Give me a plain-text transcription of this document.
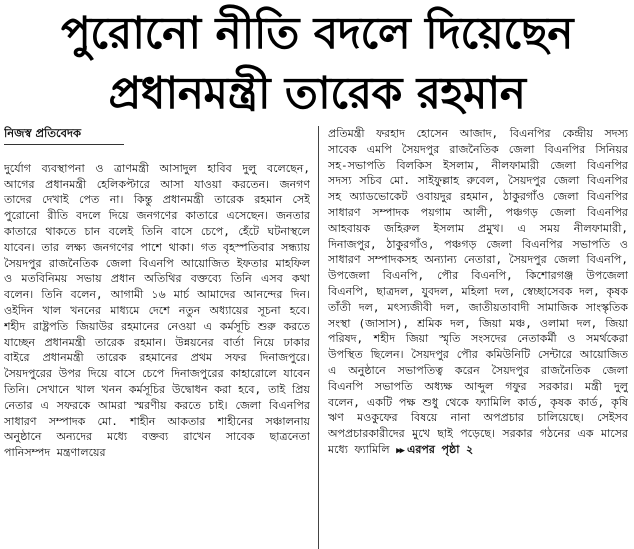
পুরোনো নীতি বদলে দিয়েছেন
প্রধানমন্ত্রী তারেক রহমান
নিজস্ব প্রতিবেদক
দুর্যোগ ব্যবস্থাপনা ও ত্রাণমন্ত্রী আসাদুল হাবিব দুলু বলেছেন, আগের প্রধানমন্ত্রী হেলিকপ্টারে আসা যাওয়া করতেন। জনগণ তাদের দেখাই পেত না। কিন্তু প্রধানমন্ত্রী তারেক রহমান সেই পুরোনো রীতি বদলে দিয়ে জনগণের কাতারে এসেছেন। জনতার কাতারে থাকতে চান বলেই তিনি বাসে চেপে, হেঁটে ঘটনাস্থলে যাবেন। তার লক্ষ্য জনগণের পাশে থাকা। গত বৃহস্পতিবার সন্ধ্যায় সৈয়দপুর রাজনৈতিক জেলা বিএনপি আয়োজিত ইফতার মাহফিল ও মতবিনিময় সভায় প্রধান অতিথির বক্তব্যে তিনি এসব কথা বলেন। তিনি বলেন, আগামী ১৬ মার্চ আমাদের আনন্দের দিন। ওইদিন খাল খননের মাধ্যমে দেশে নতুন অধ্যায়ের সূচনা হবে। শহীদ রাষ্ট্রপতি জিয়াউর রহমানের নেওয়া এ কর্মসূচি শুরু করতে যাচ্ছেন প্রধানমন্ত্রী তারেক রহমান। উন্নয়নের বার্তা নিয়ে ঢাকার বাইরে প্রধানমন্ত্রী তারেক রহমানের প্রথম সফর দিনাজপুরে। সৈয়দপুরের উপর দিয়ে বাসে চেপে দিনাজপুরের কাহারোলে যাবেন তিনি। সেখানে খাল খনন কর্মসূচির উদ্বোধন করা হবে, তাই প্রিয় নেতার এ সফরকে আমরা স্মরণীয় করতে চাই। জেলা বিএনপির সাধারণ সম্পাদক মো. শাহীন আকতার শাহীনের সঞ্চালনায় অনুষ্ঠানে অন্যদের মধ্যে বক্তব্য রাখেন সাবেক ছাত্রনেতা পানিসম্পদ মন্ত্রণালয়ের
প্রতিমন্ত্রী ফরহাদ হোসেন আজাদ, বিএনপির কেন্দ্রীয় সদস্য সাবেক এমপি সৈয়দপুর রাজনৈতিক জেলা বিএনপির সিনিয়র সহ-সভাপতি বিলকিস ইসলাম, নীলফামারী জেলা বিএনপির সদস্য সচিব মো. সাইফুল্লাহ রুবেল, সৈয়দপুর জেলা বিএনপির সহ অ্যাডভোকেট ওবায়দুর রহমান, ঠাকুরগাঁও জেলা বিএনপির সাধারণ সম্পাদক পয়গাম আলী, পঞ্চগড় জেলা বিএনপির আহবায়ক জহিরুল ইসলাম প্রমুখ। এ সময় নীলফামারী, দিনাজপুর, ঠাকুরগাঁও, পঞ্চগড় জেলা বিএনপির সভাপতি ও সাধারণ সম্পাদকসহ অন্যান্য নেতারা, সৈয়দপুর জেলা বিএনপি, উপজেলা বিএনপি, পৌর বিএনপি, কিশোরগঞ্জ উপজেলা বিএনপি, ছাত্রদল, যুবদল, মহিলা দল, স্বেচ্ছাসেবক দল, কৃষক তাঁতী দল, মৎস্যজীবী দল, জাতীয়তাবাদী সামাজিক সাংস্কৃতিক সংস্থা (জাসাস), শ্রমিক দল, জিয়া মঞ্চ, ওলামা দল, জিয়া পরিষদ, শহীদ জিয়া স্মৃতি সংসদের নেতাকর্মী ও সমর্থকেরা উপস্থিত ছিলেন। সৈয়দপুর পৌর কমিউনিটি সেন্টারে আয়োজিত এ অনুষ্ঠানে সভাপতিত্ব করেন সৈয়দপুর রাজনৈতিক জেলা বিএনপি সভাপতি অধ্যক্ষ আব্দুল গফুর সরকার। মন্ত্রী দুলু বলেন, একটি পক্ষ শুধু থেকে ফ্যামিলি কার্ড, কৃষক কার্ড, কৃষি ঋণ মওকুফের বিষয়ে নানা অপপ্রচার চালিয়েছে। সেইসব অপপ্রচারকারীদের মুখে ছাই পড়েছে। সরকার গঠনের এক মাসের মধ্যে ফ্যামিলি ▶▶ এরপর পৃষ্ঠা ২
